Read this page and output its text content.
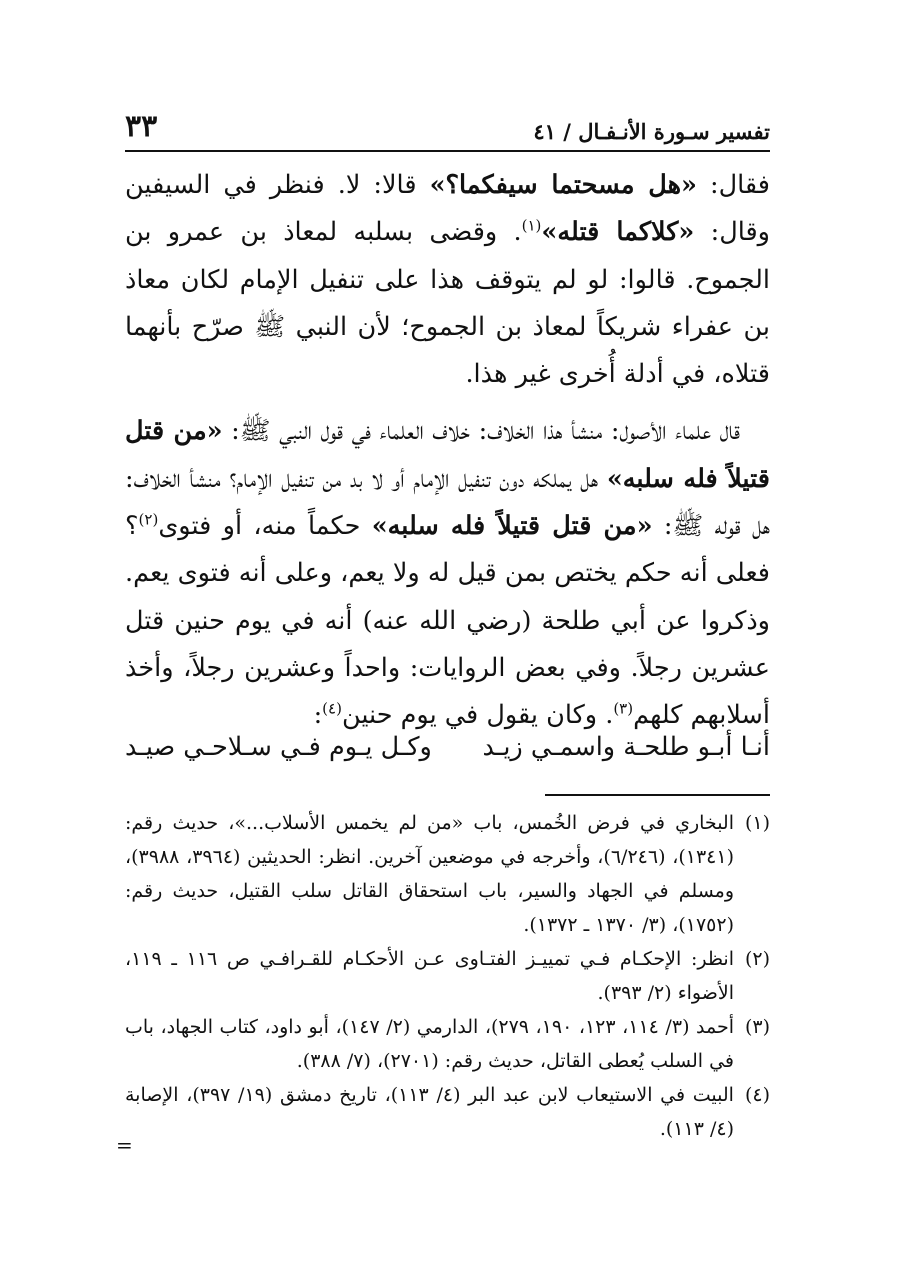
تفسير سـورة الأنـفـال / ٤١
٣٣

فقال: «هل مسحتما سيفكما؟» قالا: لا. فنظر في السيفين وقال: «كلاكما قتله»$^{(١)}$. وقضى بسلبه لمعاذ بن عمرو بن الجموح. قالوا: لو لم يتوقف هذا على تنفيل الإمام لكان معاذ بن عفراء شريكاً لمعاذ بن الجموح؛ لأن النبي ﷺ صرّح بأنهما قتلاه، في أدلة أُخرى غير هذا.

قال علماء الأصول: منشأ هذا الخلاف: خلاف العلماء في قول النبي ﷺ: «من قتل قتيلاً فله سلبه» هل يملكه دون تنفيل الإمام أو لا بد من تنفيل الإمام؟ منشأ الخلاف: هل قوله ﷺ: «من قتل قتيلاً فله سلبه» حكماً منه، أو فتوى$^{(٢)}$؟ فعلى أنه حكم يختص بمن قيل له ولا يعم، وعلى أنه فتوى يعم. وذكروا عن أبي طلحة (رضي الله عنه) أنه في يوم حنين قتل عشرين رجلاً. وفي بعض الروايات: واحداً وعشرين رجلاً، وأخذ أسلابهم كلهم$^{(٣)}$. وكان يقول في يوم حنين$^{(٤)}$:

أنـا أبـو طلحـة واسمـي زيـد
وكـل يـوم فـي سـلاحـي صيـد
(١)
البخاري في فرض الخُمس، باب «من لم يخمس الأسلاب...»، حديث رقم: (١٣٤١)، (٦/٢٤٦)، وأخرجه في موضعين آخرين. انظر: الحديثين (٣٩٦٤، ٣٩٨٨)، ومسلم في الجهاد والسير، باب استحقاق القاتل سلب القتيل، حديث رقم: (١٧٥٢)، (٣/ ١٣٧٠ ـ ١٣٧٢).
(٢)
انظر: الإحكـام فـي تمييـز الفتـاوى عـن الأحكـام للقـرافـي ص ١١٦ ـ ١١٩، الأضواء (٢/ ٣٩٣).
(٣)
أحمد (٣/ ١١٤، ١٢٣، ١٩٠، ٢٧٩)، الدارمي (٢/ ١٤٧)، أبو داود، كتاب الجهاد، باب في السلب يُعطى القاتل، حديث رقم: (٢٧٠١)، (٧/ ٣٨٨).
(٤)
البيت في الاستيعاب لابن عبد البر (٤/ ١١٣)، تاريخ دمشق (١٩/ ٣٩٧)، الإصابة (٤/ ١١٣).
=
